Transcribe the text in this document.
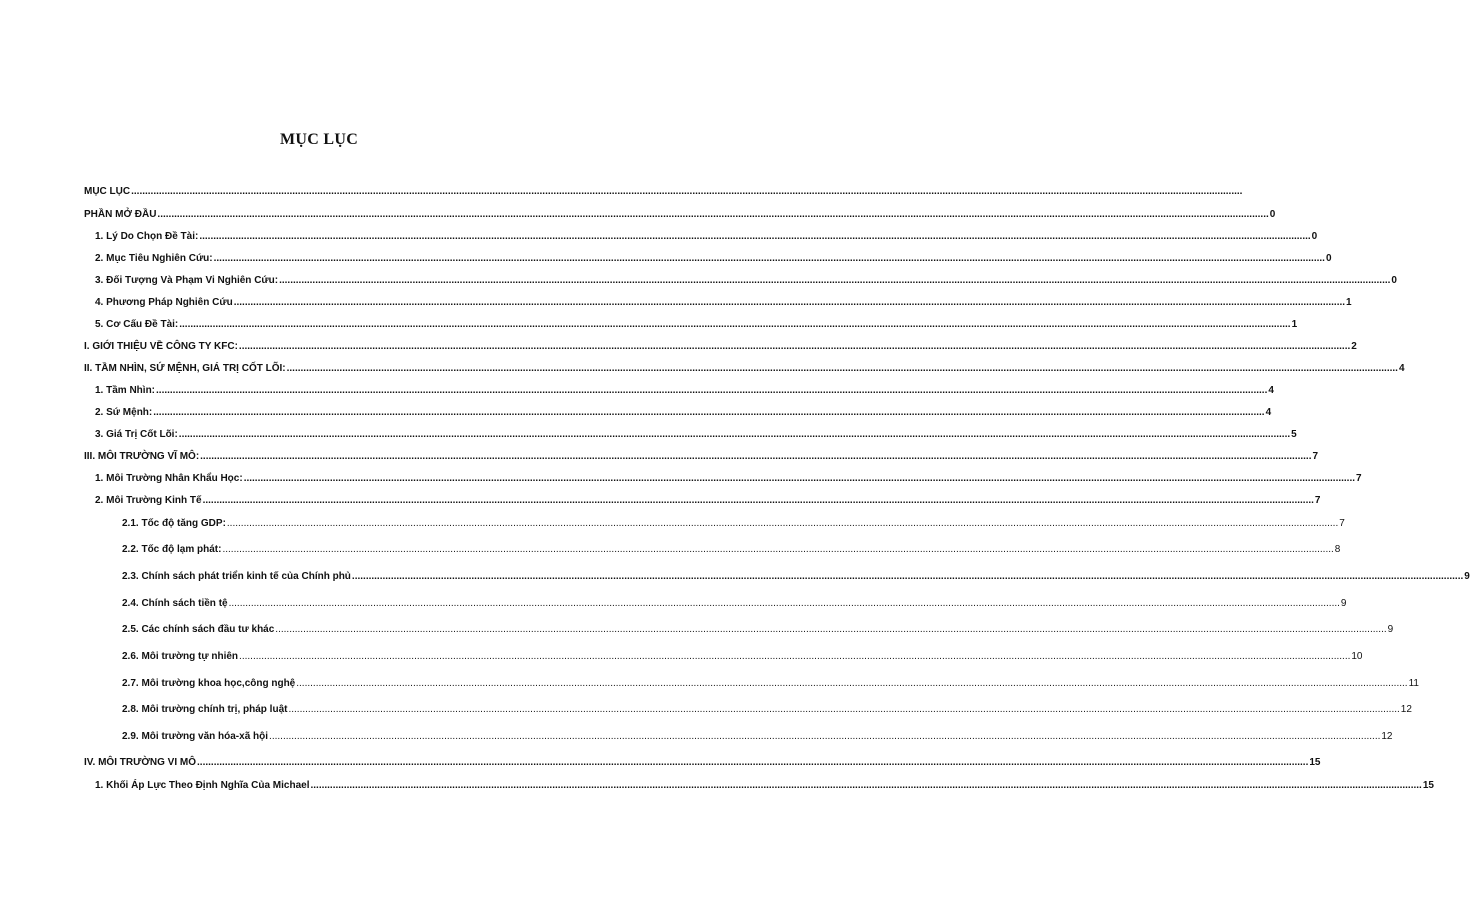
MỤC LỤC
MỤC LỤC ................................................................................................................................................................................................................................................................................................................................................................................................................
PHẦN MỞ ĐẦU ................................................................................................................................................................................................................................................................................................................................................................................................................ 0
1. Lý Do Chọn Đề Tài: ................................................................................................................................................................................................................................................................................................................................................................................................................ 0
2. Mục Tiêu Nghiên Cứu: ................................................................................................................................................................................................................................................................................................................................................................................................................ 0
3. Đối Tượng Và Phạm Vi Nghiên Cứu: ................................................................................................................................................................................................................................................................................................................................................................................................................ 0
4. Phương Pháp Nghiên Cứu ................................................................................................................................................................................................................................................................................................................................................................................................................ 1
5. Cơ Cấu Đề Tài: ................................................................................................................................................................................................................................................................................................................................................................................................................ 1
I. GIỚI THIỆU VỀ CÔNG TY KFC: ................................................................................................................................................................................................................................................................................................................................................................................................................ 2
II. TẦM NHÌN, SỨ MỆNH, GIÁ TRỊ CỐT LÕI: ................................................................................................................................................................................................................................................................................................................................................................................................................ 4
1. Tầm Nhìn: ................................................................................................................................................................................................................................................................................................................................................................................................................ 4
2. Sứ Mệnh: ................................................................................................................................................................................................................................................................................................................................................................................................................ 4
3. Giá Trị Cốt Lõi: ................................................................................................................................................................................................................................................................................................................................................................................................................ 5
III. MÔI TRƯỜNG VĨ MÔ: ................................................................................................................................................................................................................................................................................................................................................................................................................ 7
1. Môi Trường Nhân Khẩu Học: ................................................................................................................................................................................................................................................................................................................................................................................................................ 7
2. Môi Trường Kinh Tế ................................................................................................................................................................................................................................................................................................................................................................................................................ 7
2.1. Tốc độ tăng GDP: ................................................................................................................................................................................................................................................................................................................................................................................................................ 7
2.2. Tốc độ lạm phát: ................................................................................................................................................................................................................................................................................................................................................................................................................ 8
2.3. Chính sách phát triển kinh tế của Chính phủ ................................................................................................................................................................................................................................................................................................................................................................................................................ 9
2.4. Chính sách tiền tệ ................................................................................................................................................................................................................................................................................................................................................................................................................ 9
2.5. Các chính sách đầu tư khác ................................................................................................................................................................................................................................................................................................................................................................................................................ 9
2.6. Môi trường tự nhiên ................................................................................................................................................................................................................................................................................................................................................................................................................ 10
2.7. Môi trường khoa học,công nghệ ................................................................................................................................................................................................................................................................................................................................................................................................................ 11
2.8. Môi trường chính trị, pháp luật ................................................................................................................................................................................................................................................................................................................................................................................................................ 12
2.9. Môi trường văn hóa-xã hội ................................................................................................................................................................................................................................................................................................................................................................................................................ 12
IV. MÔI TRƯỜNG VI MÔ ................................................................................................................................................................................................................................................................................................................................................................................................................ 15
1. Khối Áp Lực Theo Định Nghĩa Của Michael ................................................................................................................................................................................................................................................................................................................................................................................................................ 15
